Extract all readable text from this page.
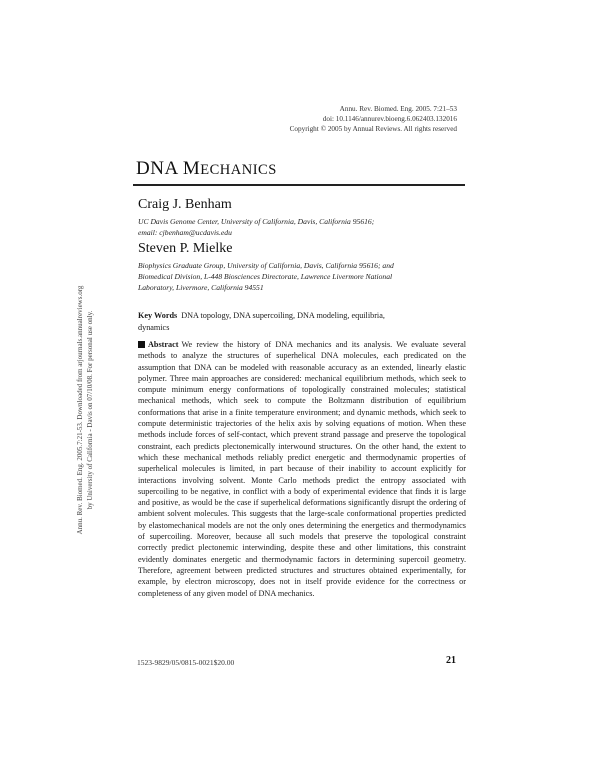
Annu. Rev. Biomed. Eng. 2005. 7:21–53
doi: 10.1146/annurev.bioeng.6.062403.132016
Copyright © 2005 by Annual Reviews. All rights reserved
DNA MECHANICS
Craig J. Benham
UC Davis Genome Center, University of California, Davis, California 95616;
email: cjbenham@ucdavis.edu
Steven P. Mielke
Biophysics Graduate Group, University of California, Davis, California 95616; and
Biomedical Division, L-448 Biosciences Directorate, Lawrence Livermore National
Laboratory, Livermore, California 94551
Key Words DNA topology, DNA supercoiling, DNA modeling, equilibria,
dynamics
Abstract We review the history of DNA mechanics and its analysis. We evaluate several methods to analyze the structures of superhelical DNA molecules, each predicated on the assumption that DNA can be modeled with reasonable accuracy as an extended, linearly elastic polymer. Three main approaches are considered: mechanical equilibrium methods, which seek to compute minimum energy conformations of topologically constrained molecules; statistical mechanical methods, which seek to compute the Boltzmann distribution of equilibrium conformations that arise in a finite temperature environment; and dynamic methods, which seek to compute deterministic trajectories of the helix axis by solving equations of motion. When these methods include forces of self-contact, which prevent strand passage and preserve the topological constraint, each predicts plectonemically interwound structures. On the other hand, the extent to which these mechanical methods reliably predict energetic and thermodynamic properties of superhelical molecules is limited, in part because of their inability to account explicitly for interactions involving solvent. Monte Carlo methods predict the entropy associated with supercoiling to be negative, in conflict with a body of experimental evidence that finds it is large and positive, as would be the case if superhelical deformations significantly disrupt the ordering of ambient solvent molecules. This suggests that the large-scale conformational properties predicted by elastomechanical models are not the only ones determining the energetics and thermodynamics of supercoiling. Moreover, because all such models that preserve the topological constraint correctly predict plectonemic interwinding, despite these and other limitations, this constraint evidently dominates energetic and thermodynamic factors in determining supercoil geometry. Therefore, agreement between predicted structures and structures obtained experimentally, for example, by electron microscopy, does not in itself provide evidence for the correctness or completeness of any given model of DNA mechanics.
1523-9829/05/0815-0021$20.00	21
Annu. Rev. Biomed. Eng. 2005.7:21-53. Downloaded from arjournals.annualreviews.org by University of California - Davis on 07/10/08. For personal use only.
